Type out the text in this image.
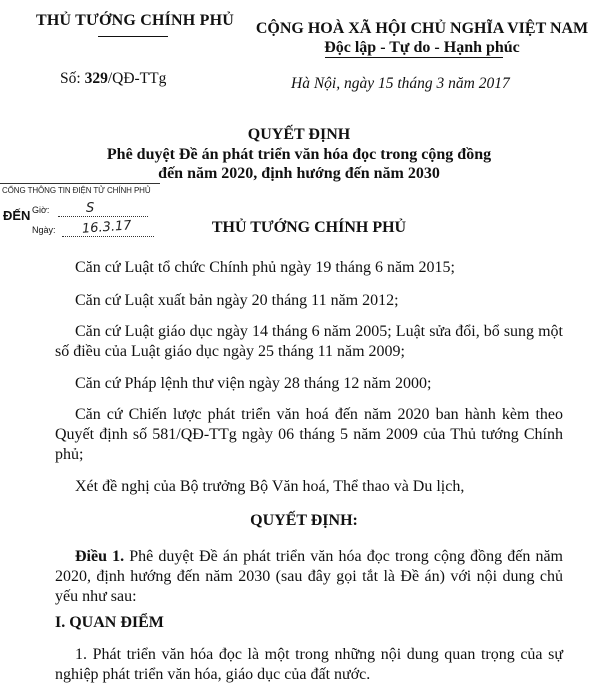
THỦ TƯỚNG CHÍNH PHỦ CỘNG HOÀ XÃ HỘI CHỦ NGHĨA VIỆT NAM
Độc lập - Tự do - Hạnh phúc
Số: 329/QĐ-TTg	Hà Nội, ngày 15 tháng 3 năm 2017
QUYẾT ĐỊNH
Phê duyệt Đề án phát triển văn hóa đọc trong cộng đồng
đến năm 2020, định hướng đến năm 2030
CỔNG THÔNG TIN ĐIỆN TỬ CHÍNH PHỦ
ĐẾN Giờ:	S
Ngày: 16.3.17	THỦ TƯỚNG CHÍNH PHỦ
Căn cứ Luật tổ chức Chính phủ ngày 19 tháng 6 năm 2015;
Căn cứ Luật xuất bản ngày 20 tháng 11 năm 2012;
Căn cứ Luật giáo dục ngày 14 tháng 6 năm 2005; Luật sửa đổi, bổ sung một số điều của Luật giáo dục ngày 25 tháng 11 năm 2009;
Căn cứ Pháp lệnh thư viện ngày 28 tháng 12 năm 2000;
Căn cứ Chiến lược phát triển văn hoá đến năm 2020 ban hành kèm theo Quyết định số 581/QĐ-TTg ngày 06 tháng 5 năm 2009 của Thủ tướng Chính phủ;
Xét đề nghị của Bộ trưởng Bộ Văn hoá, Thể thao và Du lịch,
QUYẾT ĐỊNH:
Điều 1. Phê duyệt Đề án phát triển văn hóa đọc trong cộng đồng đến năm 2020, định hướng đến năm 2030 (sau đây gọi tắt là Đề án) với nội dung chủ yếu như sau:
I. QUAN ĐIỂM
1. Phát triển văn hóa đọc là một trong những nội dung quan trọng của sự nghiệp phát triển văn hóa, giáo dục của đất nước.
